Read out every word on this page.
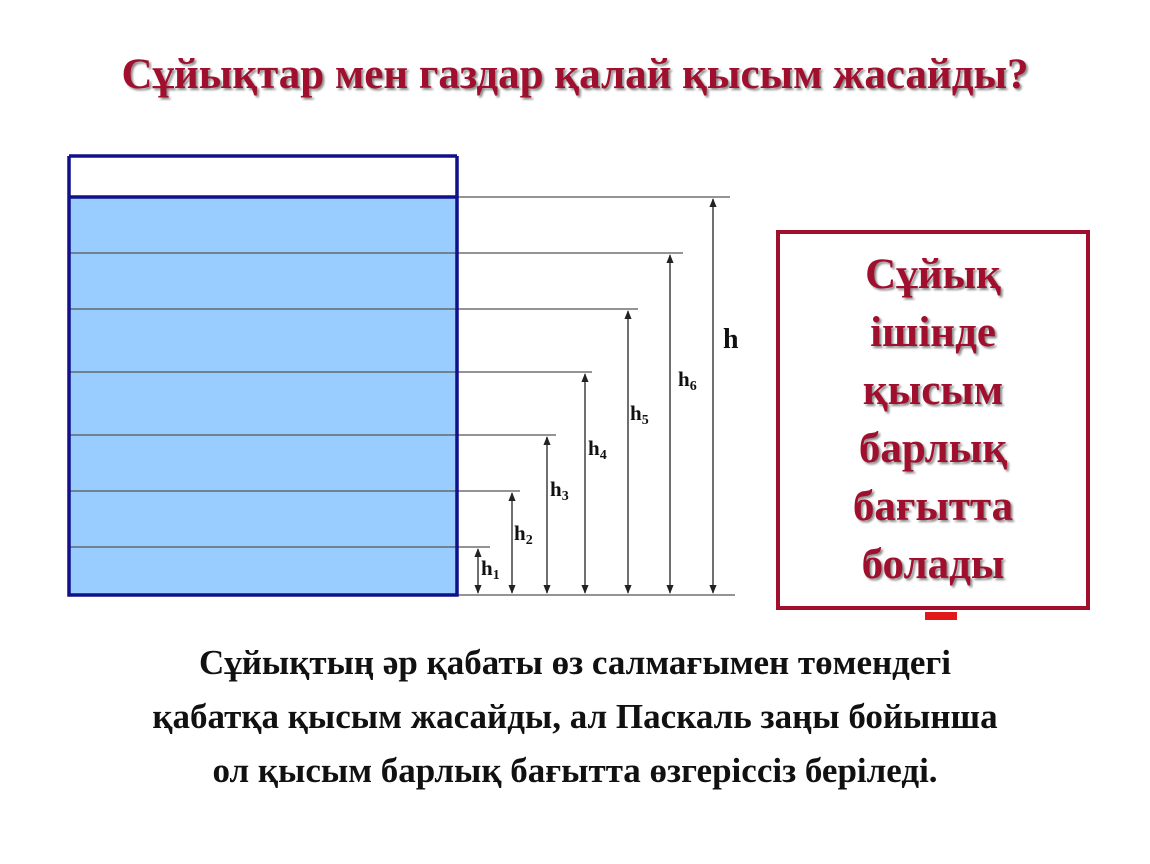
Сұйықтар мен газдар қалай қысым жасайды?
h1
h2
h3
h4
h5
h6
h
Сұйық
ішінде
қысым
барлық
бағытта
болады
Сұйықтың әр қабаты өз салмағымен төмендегі
қабатқа қысым жасайды, ал Паскаль заңы бойынша
ол қысым барлық бағытта өзгеріссіз беріледі.
